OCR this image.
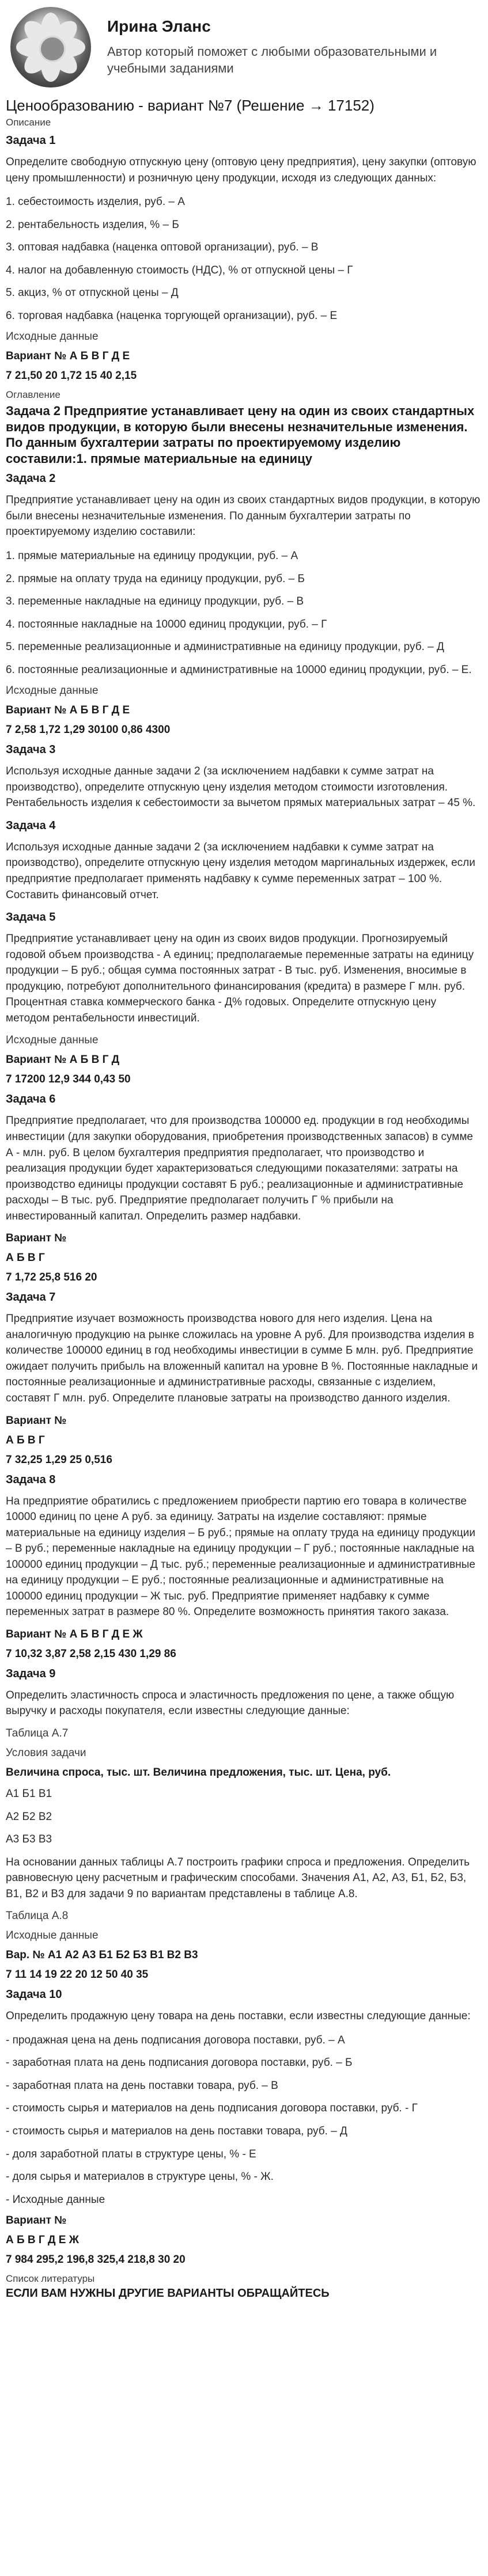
Ирина Эланс
Автор который поможет с любыми образовательными и учебными заданиями
Ценообразованию - вариант №7 (Решение → 17152)
Описание
Задача 1
Определите свободную отпускную цену (оптовую цену предприятия), цену закупки (оптовую цену промышленности) и розничную цену продукции, исходя из следующих данных:
1. себестоимость изделия, руб. – А
2. рентабельность изделия, % – Б
3. оптовая надбавка (наценка оптовой организации), руб. – В
4. налог на добавленную стоимость (НДС), % от отпускной цены – Г
5. акциз, % от отпускной цены – Д
6. торговая надбавка (наценка торгующей организации), руб. – Е
Исходные данные
Вариант № А Б В Г Д Е
7 21,50 20 1,72 15 40 2,15
Оглавление
Задача 2 Предприятие устанавливает цену на один из своих стандартных видов продукции, в которую были внесены незначительные изменения. По данным бухгалтерии затраты по проектируемому изделию составили:1. прямые материальные на единицу
Задача 2
Предприятие устанавливает цену на один из своих стандартных видов продукции, в которую были внесены незначительные изменения. По данным бухгалтерии затраты по проектируемому изделию составили:
1. прямые материальные на единицу продукции, руб. – А
2. прямые на оплату труда на единицу продукции, руб. – Б
3. переменные накладные на единицу продукции, руб. – В
4. постоянные накладные на 10000 единиц продукции, руб. – Г
5. переменные реализационные и административные на единицу продукции, руб. – Д
6. постоянные реализационные и административные на 10000 единиц продукции, руб. – Е.
Исходные данные
Вариант № А Б В Г Д Е
7 2,58 1,72 1,29 30100 0,86 4300
Задача 3
Используя исходные данные задачи 2 (за исключением надбавки к сумме затрат на производство), определите отпускную цену изделия методом стоимости изготовления. Рентабельность изделия к себестоимости за вычетом прямых материальных затрат – 45 %.
Задача 4
Используя исходные данные задачи 2 (за исключением надбавки к сумме затрат на производство), определите отпускную цену изделия методом маргинальных издержек, если предприятие предполагает применять надбавку к сумме переменных затрат – 100 %. Составить финансовый отчет.
Задача 5
Предприятие устанавливает цену на один из своих видов продукции. Прогнозируемый годовой объем производства - А единиц; предполагаемые переменные затраты на единицу продукции – Б руб.; общая сумма постоянных затрат - В тыс. руб. Изменения, вносимые в продукцию, потребуют дополнительного финансирования (кредита) в размере Г млн. руб. Процентная ставка коммерческого банка - Д% годовых. Определите отпускную цену методом рентабельности инвестиций.
Исходные данные
Вариант № А Б В Г Д
7 17200 12,9 344 0,43 50
Задача 6
Предприятие предполагает, что для производства 100000 ед. продукции в год необходимы инвестиции (для закупки оборудования, приобретения производственных запасов) в сумме А - млн. руб. В целом бухгалтерия предприятия предполагает, что производство и реализация продукции будет характеризоваться следующими показателями: затраты на производство единицы продукции составят Б руб.; реализационные и административные расходы – В тыс. руб. Предприятие предполагает получить Г % прибыли на инвестированный капитал. Определить размер надбавки.
Вариант №
А Б В Г
7 1,72 25,8 516 20
Задача 7
Предприятие изучает возможность производства нового для него изделия. Цена на аналогичную продукцию на рынке сложилась на уровне А руб. Для производства изделия в количестве 100000 единиц в год необходимы инвестиции в сумме Б млн. руб. Предприятие ожидает получить прибыль на вложенный капитал на уровне В %. Постоянные накладные и постоянные реализационные и административные расходы, связанные с изделием, составят Г млн. руб. Определите плановые затраты на производство данного изделия.
Вариант №
А Б В Г
7 32,25 1,29 25 0,516
Задача 8
На предприятие обратились с предложением приобрести партию его товара в количестве 10000 единиц по цене А руб. за единицу. Затраты на изделие составляют: прямые материальные на единицу изделия – Б руб.; прямые на оплату труда на единицу продукции – В руб.; переменные накладные на единицу продукции – Г руб.; постоянные накладные на 100000 единиц продукции – Д тыс. руб.; переменные реализационные и административные на единицу продукции – Е руб.; постоянные реализационные и административные на 100000 единиц продукции – Ж тыс. руб. Предприятие применяет надбавку к сумме переменных затрат в размере 80 %. Определите возможность принятия такого заказа.
Вариант № А Б В Г Д Е Ж
7 10,32 3,87 2,58 2,15 430 1,29 86
Задача 9
Определить эластичность спроса и эластичность предложения по цене, а также общую выручку и расходы покупателя, если известны следующие данные:
Таблица А.7
Условия задачи
Величина спроса, тыс. шт. Величина предложения, тыс. шт. Цена, руб.
А1 Б1 В1
А2 Б2 В2
А3 Б3 В3
На основании данных таблицы А.7 построить графики спроса и предложения. Определить равновесную цену расчетным и графическим способами. Значения А1, А2, А3, Б1, Б2, Б3, В1, В2 и В3 для задачи 9 по вариантам представлены в таблице А.8.
Таблица А.8
Исходные данные
Вар. № А1 А2 А3 Б1 Б2 Б3 В1 В2 В3
7 11 14 19 22 20 12 50 40 35
Задача 10
Определить продажную цену товара на день поставки, если известны следующие данные:
- продажная цена на день подписания договора поставки, руб. – А
- заработная плата на день подписания договора поставки, руб. – Б
- заработная плата на день поставки товара, руб. – В
- стоимость сырья и материалов на день подписания договора поставки, руб. - Г
- стоимость сырья и материалов на день поставки товара, руб. – Д
- доля заработной платы в структуре цены, % - Е
- доля сырья и материалов в структуре цены, % - Ж.
- Исходные данные
Вариант №
А Б В Г Д Е Ж
7 984 295,2 196,8 325,4 218,8 30 20
Список литературы
ЕСЛИ ВАМ НУЖНЫ ДРУГИЕ ВАРИАНТЫ ОБРАЩАЙТЕСЬ
